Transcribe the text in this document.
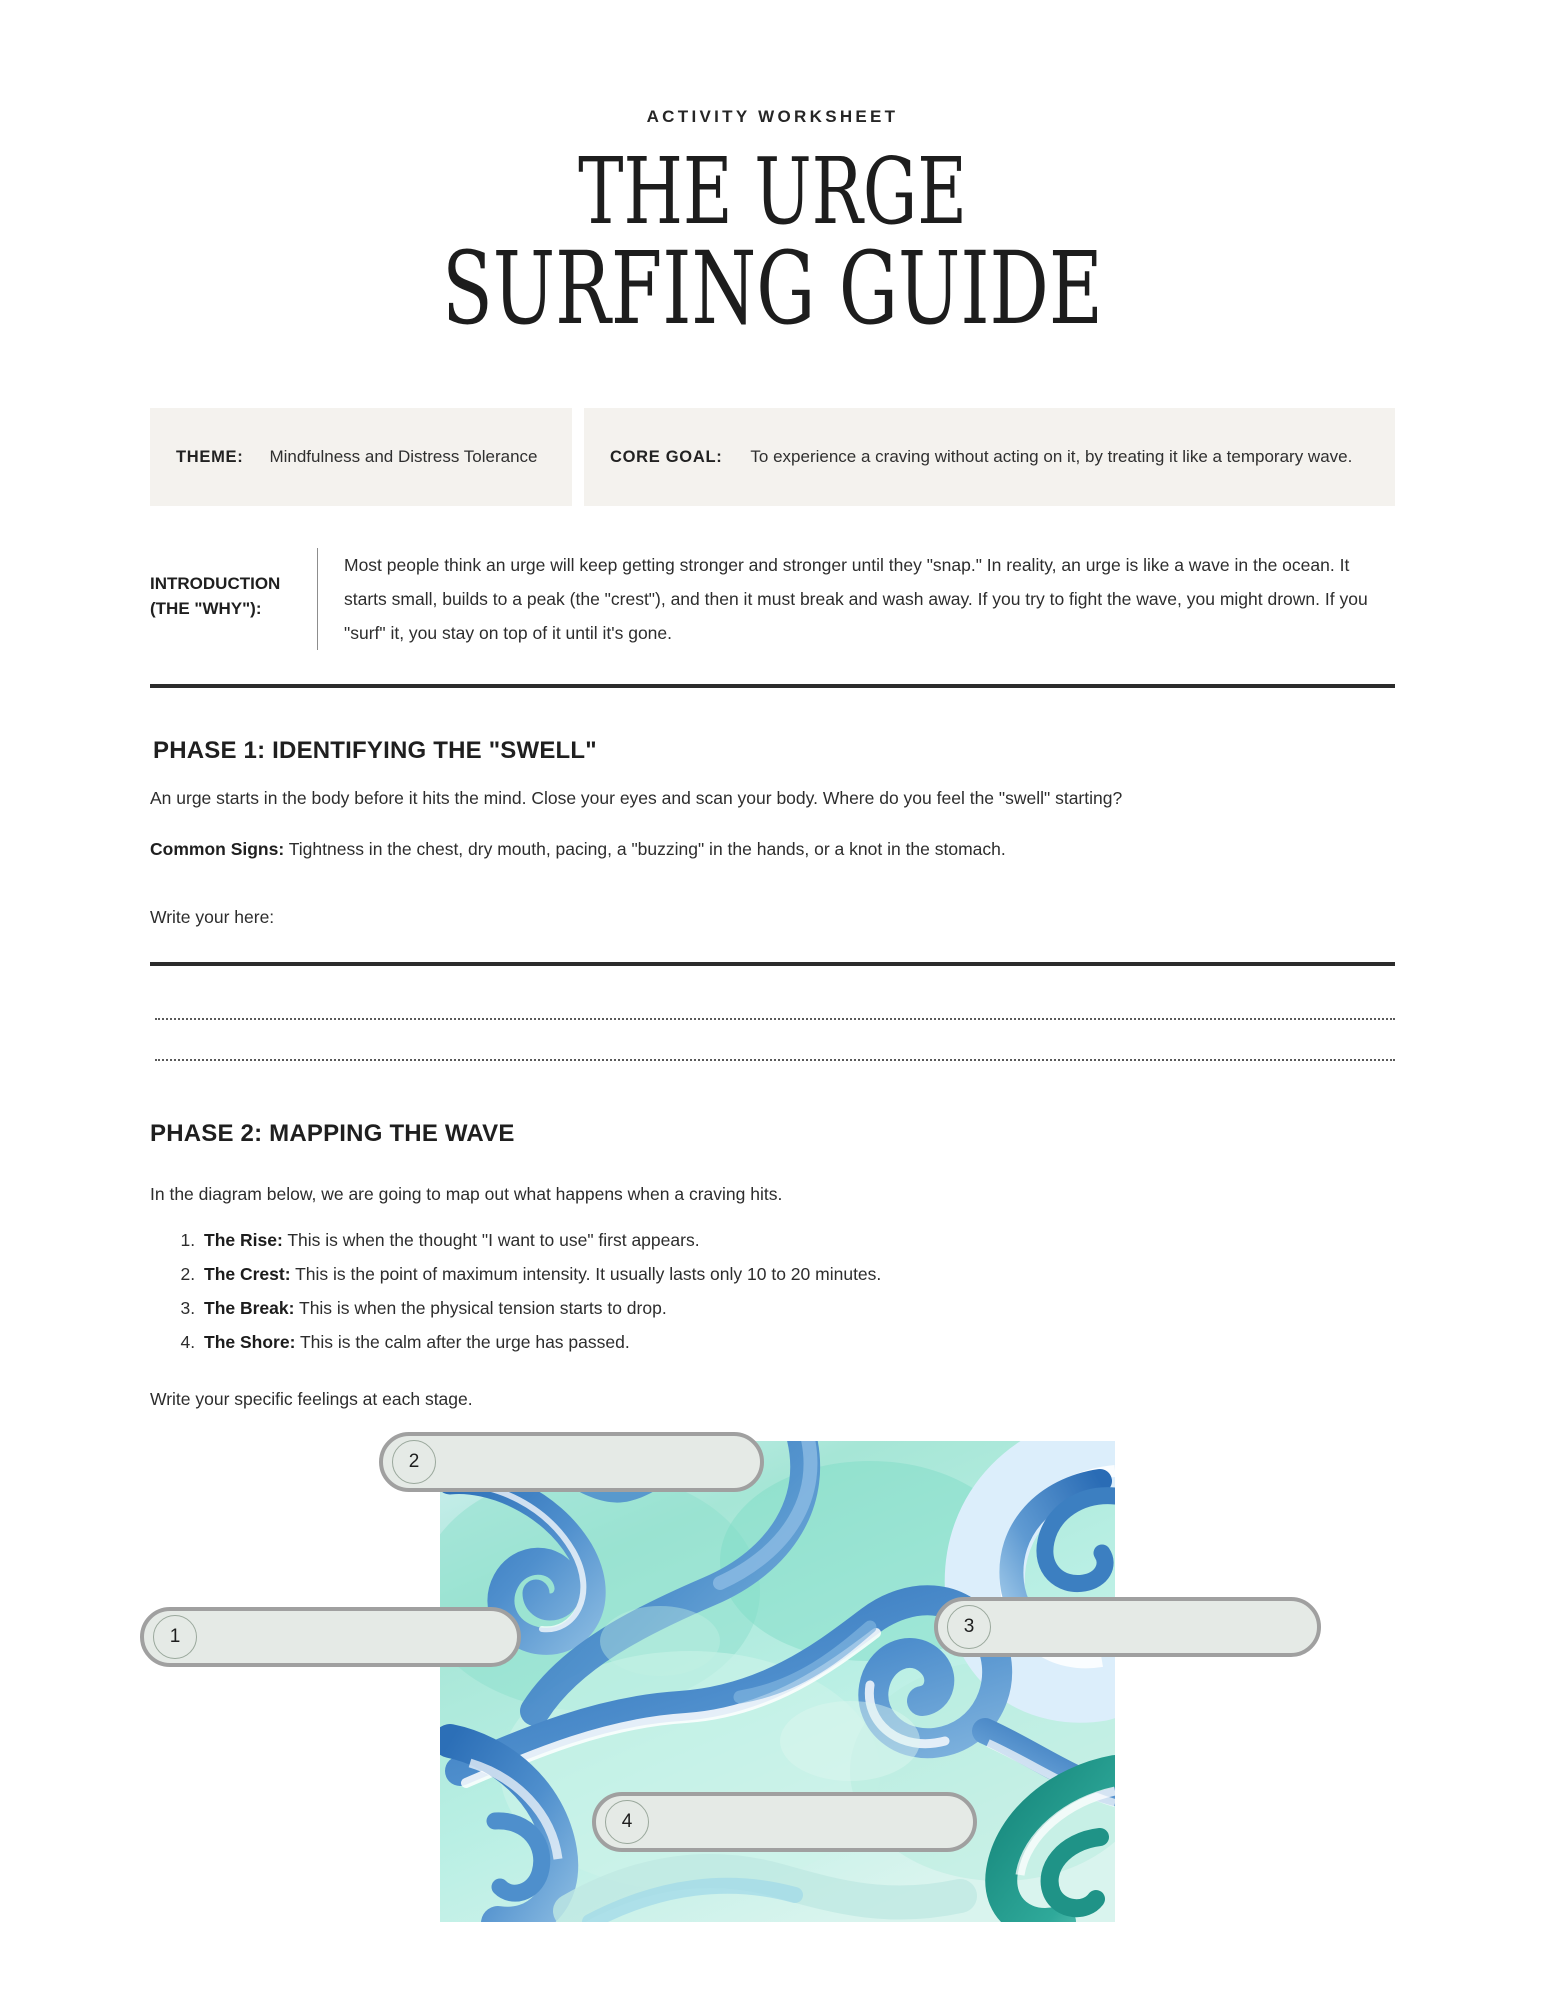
ACTIVITY WORKSHEET
THE URGE
SURFING GUIDE
THEME: Mindfulness and Distress Tolerance	CORE GOAL: To experience a craving without acting on it, by treating it like a temporary wave.
INTRODUCTION (THE "WHY"):
Most people think an urge will keep getting stronger and stronger until they "snap." In reality, an urge is like a wave in the ocean. It starts small, builds to a peak (the "crest"), and then it must break and wash away. If you try to fight the wave, you might drown. If you "surf" it, you stay on top of it until it's gone.
PHASE 1: IDENTIFYING THE "SWELL"
An urge starts in the body before it hits the mind. Close your eyes and scan your body. Where do you feel the "swell" starting?
Common Signs: Tightness in the chest, dry mouth, pacing, a "buzzing" in the hands, or a knot in the stomach.
Write your here:
PHASE 2: MAPPING THE WAVE
In the diagram below, we are going to map out what happens when a craving hits.
1. The Rise: This is when the thought "I want to use" first appears.
2. The Crest: This is the point of maximum intensity. It usually lasts only 10 to 20 minutes.
3. The Break: This is when the physical tension starts to drop.
4. The Shore: This is the calm after the urge has passed.
Write your specific feelings at each stage.
1
2
3
4
